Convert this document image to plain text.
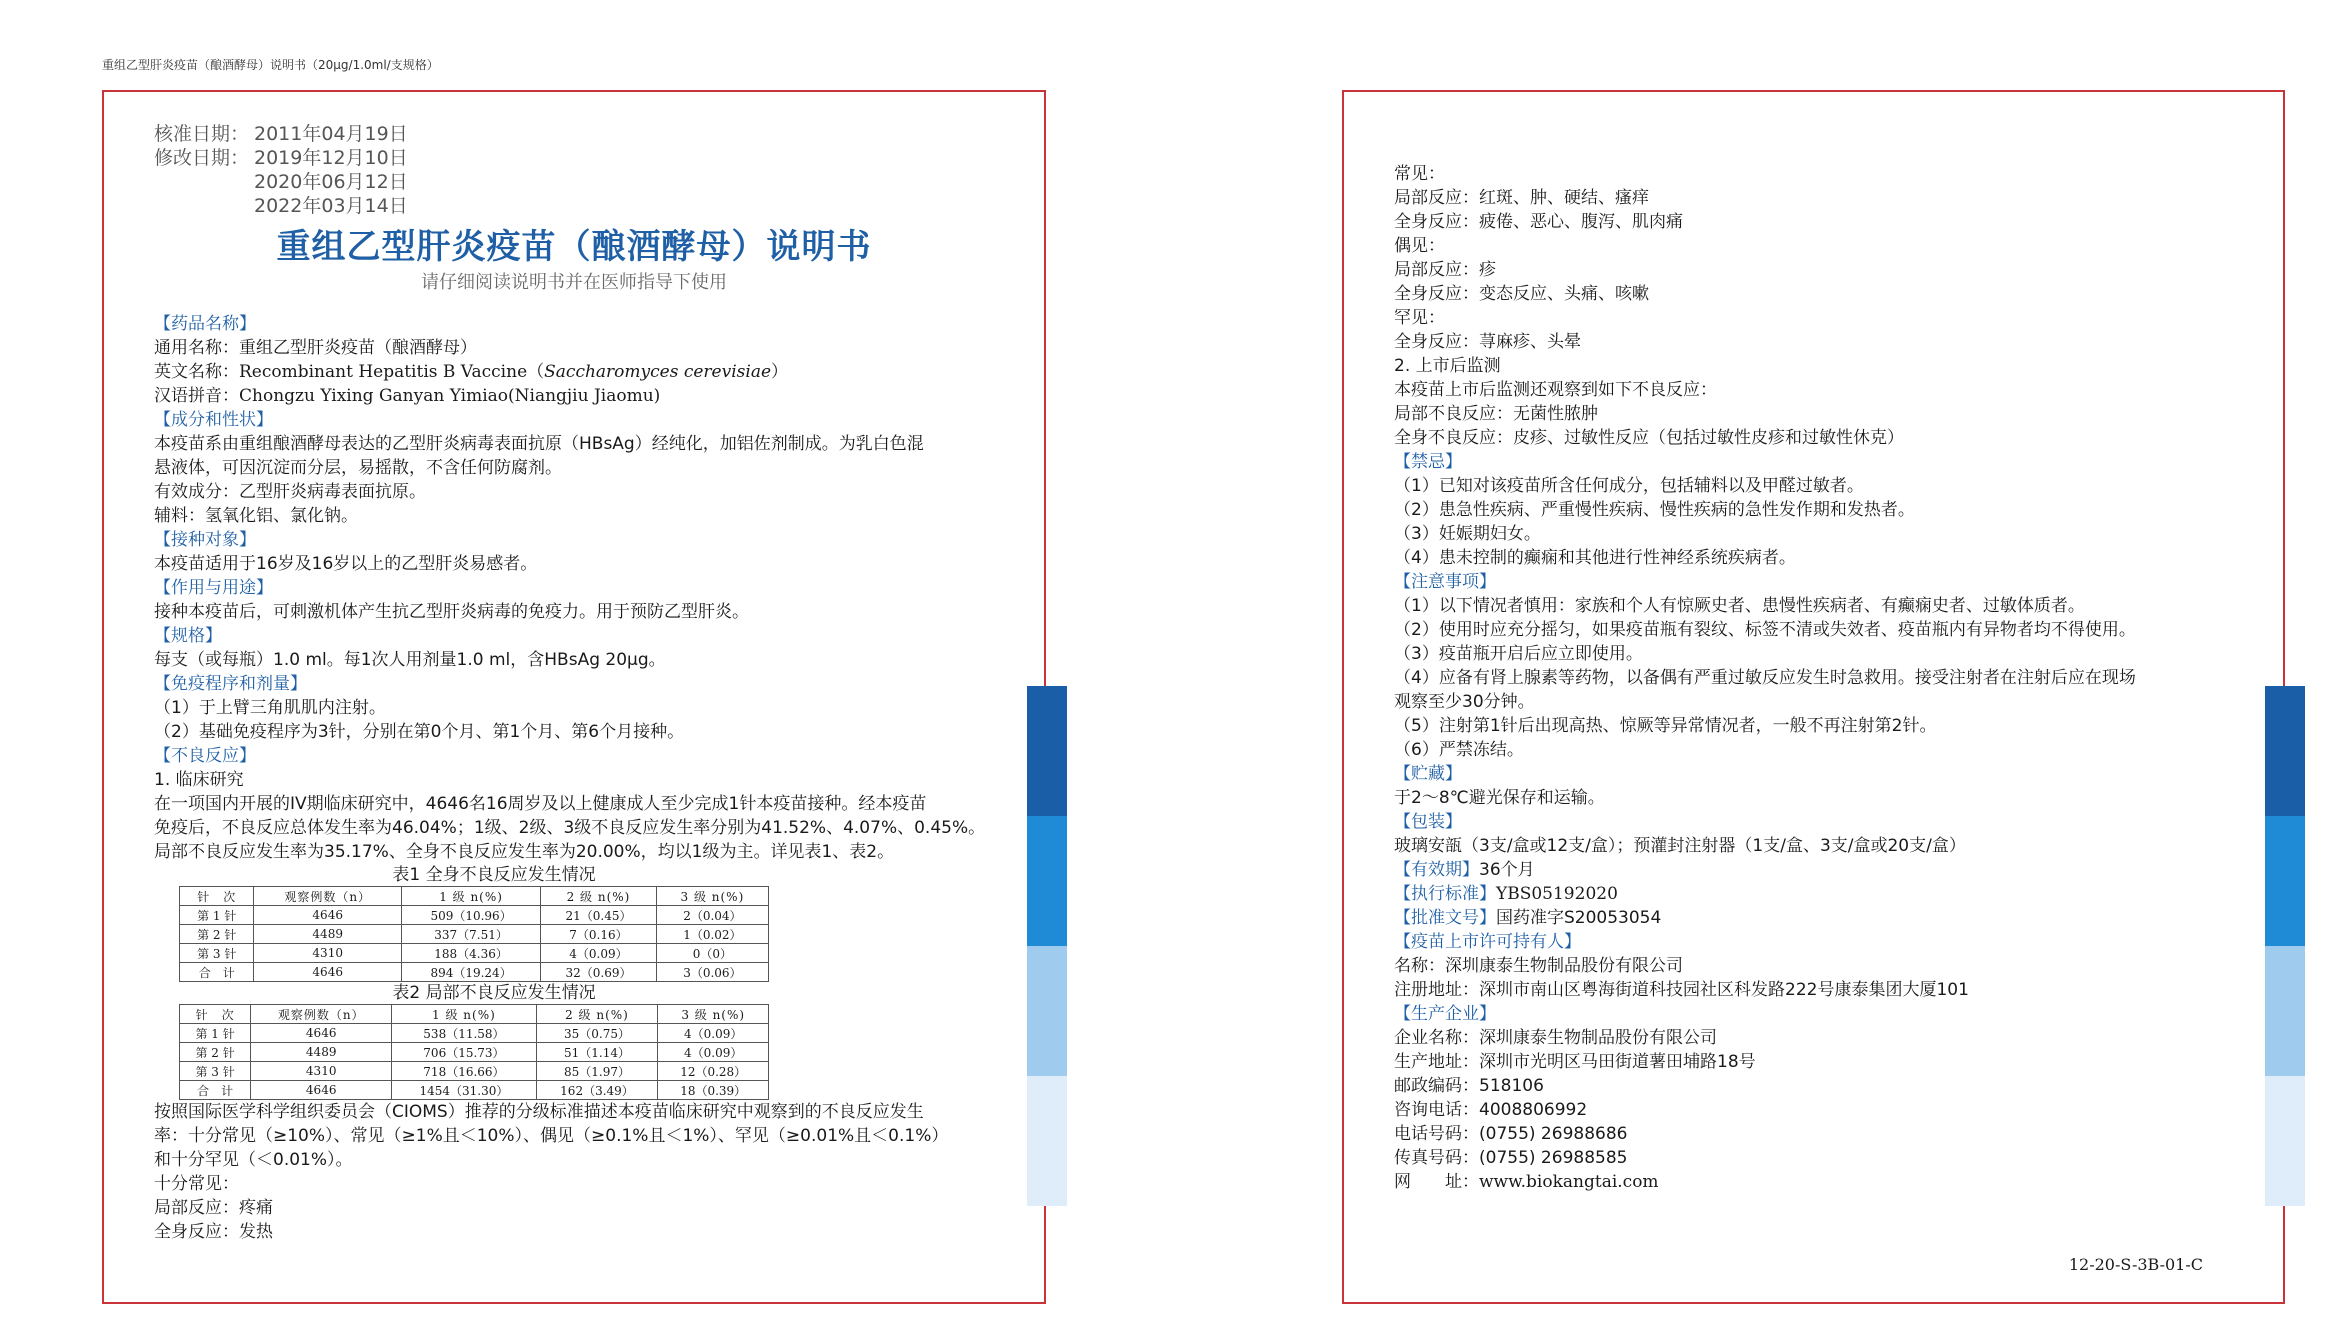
重组乙型肝炎疫苗（酿酒酵母）说明书（20μg/1.0ml/支规格）
核准日期： 2011年04月19日
修改日期： 2019年12月10日
2020年06月12日
2022年03月14日
重组乙型肝炎疫苗（酿酒酵母）说明书
请仔细阅读说明书并在医师指导下使用
【药品名称】
通用名称：重组乙型肝炎疫苗（酿酒酵母）
英文名称：Recombinant Hepatitis B Vaccine（Saccharomyces cerevisiae）
汉语拼音：Chongzu Yixing Ganyan Yimiao(Niangjiu Jiaomu)
【成分和性状】
本疫苗系由重组酿酒酵母表达的乙型肝炎病毒表面抗原（HBsAg）经纯化，加铝佐剂制成。为乳白色混
悬液体，可因沉淀而分层，易摇散，不含任何防腐剂。
有效成分：乙型肝炎病毒表面抗原。
辅料：氢氧化铝、氯化钠。
【接种对象】
本疫苗适用于16岁及16岁以上的乙型肝炎易感者。
【作用与用途】
接种本疫苗后，可刺激机体产生抗乙型肝炎病毒的免疫力。用于预防乙型肝炎。
【规格】
每支（或每瓶）1.0 ml。每1次人用剂量1.0 ml，含HBsAg 20μg。
【免疫程序和剂量】
（1）于上臂三角肌肌内注射。
（2）基础免疫程序为3针，分别在第0个月、第1个月、第6个月接种。
【不良反应】
1. 临床研究
在一项国内开展的IV期临床研究中，4646名16周岁及以上健康成人至少完成1针本疫苗接种。经本疫苗
免疫后，不良反应总体发生率为46.04%；1级、2级、3级不良反应发生率分别为41.52%、4.07%、0.45%。
局部不良反应发生率为35.17%、全身不良反应发生率为20.00%，均以1级为主。详见表1、表2。
表1 全身不良反应发生情况
针　次	观察例数（n）	1 级 n(%)	2 级 n(%)	3 级 n(%)
第 1 针	4646	509（10.96）	21（0.45）	2（0.04）
第 2 针	4489	337（7.51）	7（0.16）	1（0.02）
第 3 针	4310	188（4.36）	4（0.09）	0（0）
合　计	4646	894（19.24）	32（0.69）	3（0.06）
表2 局部不良反应发生情况
针　次	观察例数（n）	1 级 n(%)	2 级 n(%)	3 级 n(%)
第 1 针	4646	538（11.58）	35（0.75）	4（0.09）
第 2 针	4489	706（15.73）	51（1.14）	4（0.09）
第 3 针	4310	718（16.66）	85（1.97）	12（0.28）
合　计	4646	1454（31.30）	162（3.49）	18（0.39）
按照国际医学科学组织委员会（CIOMS）推荐的分级标准描述本疫苗临床研究中观察到的不良反应发生
率：十分常见（≥10%）、常见（≥1%且＜10%）、偶见（≥0.1%且＜1%）、罕见（≥0.01%且＜0.1%）
和十分罕见（＜0.01%）。
十分常见：
局部反应：疼痛
全身反应：发热
常见：
局部反应：红斑、肿、硬结、瘙痒
全身反应：疲倦、恶心、腹泻、肌肉痛
偶见：
局部反应：疹
全身反应：变态反应、头痛、咳嗽
罕见：
全身反应：荨麻疹、头晕
2. 上市后监测
本疫苗上市后监测还观察到如下不良反应：
局部不良反应：无菌性脓肿
全身不良反应：皮疹、过敏性反应（包括过敏性皮疹和过敏性休克）
【禁忌】
（1）已知对该疫苗所含任何成分，包括辅料以及甲醛过敏者。
（2）患急性疾病、严重慢性疾病、慢性疾病的急性发作期和发热者。
（3）妊娠期妇女。
（4）患未控制的癫痫和其他进行性神经系统疾病者。
【注意事项】
（1）以下情况者慎用：家族和个人有惊厥史者、患慢性疾病者、有癫痫史者、过敏体质者。
（2）使用时应充分摇匀，如果疫苗瓶有裂纹、标签不清或失效者、疫苗瓶内有异物者均不得使用。
（3）疫苗瓶开启后应立即使用。
（4）应备有肾上腺素等药物，以备偶有严重过敏反应发生时急救用。接受注射者在注射后应在现场
观察至少30分钟。
（5）注射第1针后出现高热、惊厥等异常情况者，一般不再注射第2针。
（6）严禁冻结。
【贮藏】
于2～8℃避光保存和运输。
【包装】
玻璃安瓿（3支/盒或12支/盒）；预灌封注射器（1支/盒、3支/盒或20支/盒）
【有效期】36个月
【执行标准】YBS05192020
【批准文号】国药准字S20053054
【疫苗上市许可持有人】
名称：深圳康泰生物制品股份有限公司
注册地址：深圳市南山区粤海街道科技园社区科发路222号康泰集团大厦101
【生产企业】
企业名称：深圳康泰生物制品股份有限公司
生产地址：深圳市光明区马田街道薯田埔路18号
邮政编码：518106
咨询电话：4008806992
电话号码：(0755) 26988686
传真号码：(0755) 26988585
网　　址：www.biokangtai.com
12-20-S-3B-01-C
